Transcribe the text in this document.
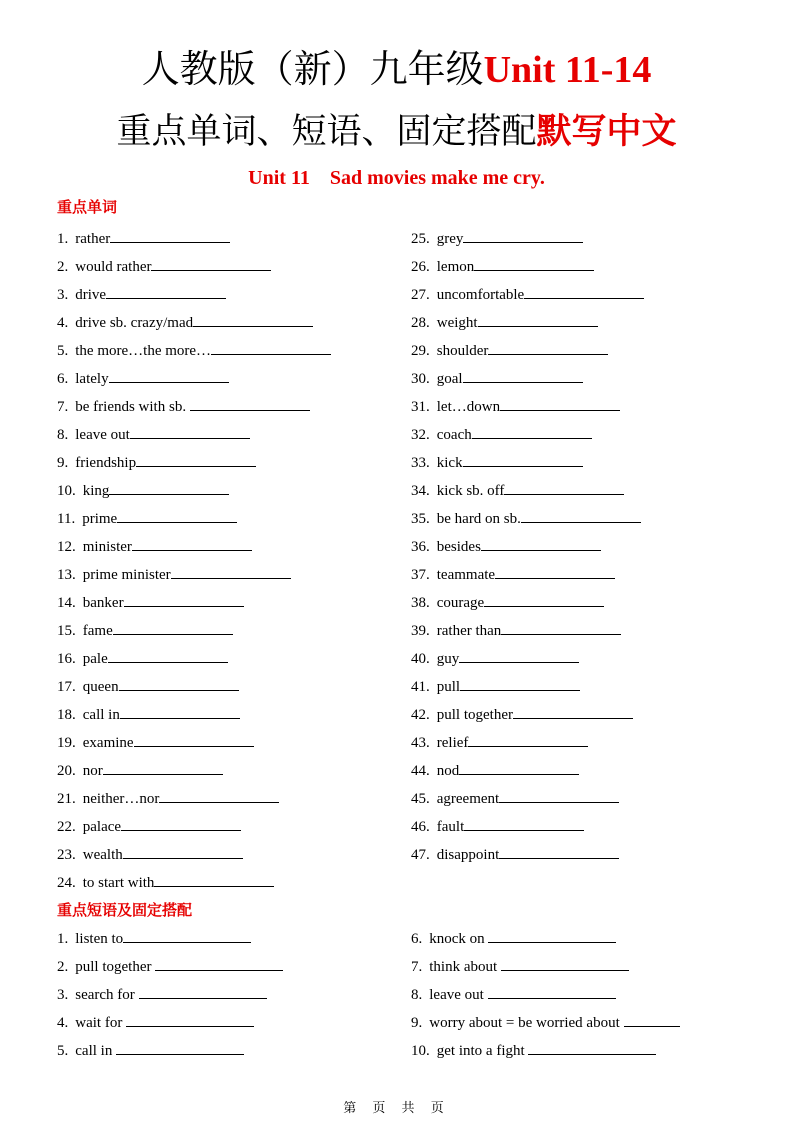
人教版（新）九年级Unit 11-14
重点单词、短语、固定搭配默写中文
Unit 11    Sad movies make me cry.
重点单词
1. rather
2. would rather
3. drive
4. drive sb. crazy/mad
5. the more…the more…
6. lately
7. be friends with sb.
8. leave out
9. friendship
10. king
11. prime
12. minister
13. prime minister
14. banker
15. fame
16. pale
17. queen
18. call in
19. examine
20. nor
21. neither…nor
22. palace
23. wealth
24. to start with
25. grey
26. lemon
27. uncomfortable
28. weight
29. shoulder
30. goal
31. let…down
32. coach
33. kick
34. kick sb. off
35. be hard on sb.
36. besides
37. teammate
38. courage
39. rather than
40. guy
41. pull
42. pull together
43. relief
44. nod
45. agreement
46. fault
47. disappoint
重点短语及固定搭配
1. listen to
2. pull together
3. search for
4. wait for
5. call in
6. knock on
7. think about
8. leave out
9. worry about = be worried about
10. get into a fight
第 页 共 页
